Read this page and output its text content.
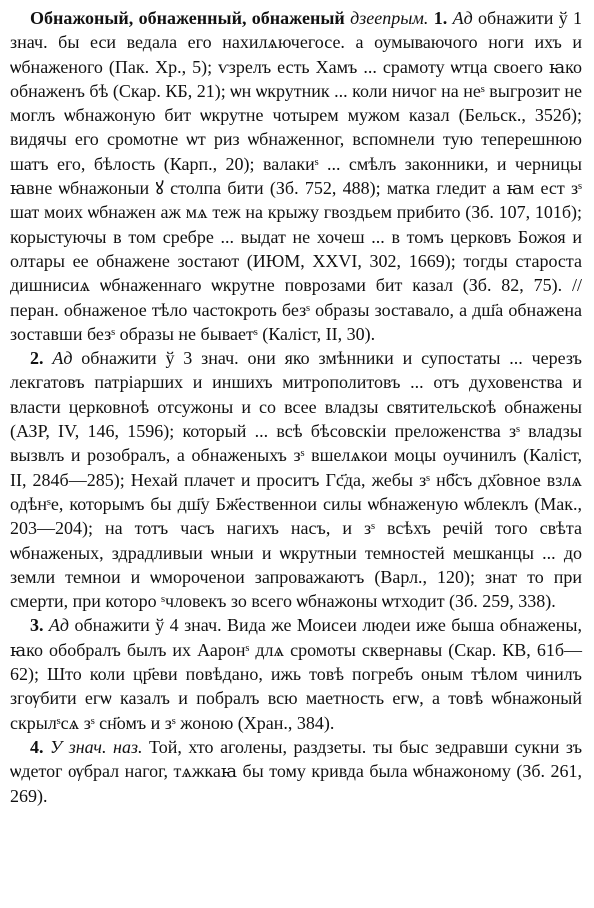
Обнажоный, обнаженный, обнаженый дзеепрым. 1. Ад обнажити ў 1 знач. бы еси ведала его нахилѧючегосе. а оумываючого ноги ихъ и ѡбнаженого (Пак. Хр., 5); ѵзрелъ есть Хамъ ... срамоту ѡтца своего ꙗко обнаженъ бѣ (Скар. КБ, 21); ѡн ѡкрутник ... коли ничог на неˢ выгрозит не моглъ ѡбнажоную бит ѡкрутне чотырем мужом казал (Бельск., 352б); видячы его сромотне ѡт риз ѡбнаженног, вспомнели тую теперешнюю шатъ его, бѣлость (Карп., 20); валакиˢ ... смѣлъ законники, и черницы ꙗвне ѡбнажоныи ꙋ столпа бити (Зб. 752, 488); матка гледит а ꙗм ест зˢ шат моих ѡбнажен аж мѧ теж на крыжу гвоздьем прибито (Зб. 107, 101б); корыстуючы в том сребре ... выдат не хочеш ... в томъ церковъ Божоя и олтары ее обнажене зостают (ИЮМ, XXVI, 302, 1669); тогды староста дишнисиѧ ѡбнаженнаго ѡкрутне поврозами бит казал (Зб. 82, 75). // перан. обнаженое тѣло частокроть безˢ образы зоставало, а дш҃а обнажена зоставши безˢ образы не бываетˢ (Каліст, II, 30).

2. Ад обнажити ў 3 знач. они яко змѣнники и супостаты ... черезъ лекгатовъ патріарших и иншихъ митрополитовъ ... отъ духовенства и власти церковноѣ отсужоны и со всее владзы святительскоѣ обнажены (АЗР, IV, 146, 1596); который ... всѣ бѣсовскіи преложенства зˢ владзы вызвлъ и розобралъ, а обнаженыхъ зˢ вшелѧкои моцы оучинилъ (Каліст, II, 284б—285); Нехай плачет и проситъ Гс҃да, жебы зˢ нб҃съ дх҃овное взлѧ одѣнˢе, которымъ бы дш҃у Бж҃ественнои силы ѡбнаженую ѡблеклъ (Мак., 203—204); на тотъ часъ нагихъ насъ, и зˢ всѣхъ речій того свѣта ѡбнаженых, здрадливыи ѡныи и ѡкрутныи темностей мешканцы ... до земли темнои и ѡмороченои запроважаютъ (Варл., 120); знат то при смерти, при которо ˢчловекъ зо всего ѡбнажоны ѡтходит (Зб. 259, 338).

3. Ад обнажити ў 4 знач. Вида же Моисеи людеи иже быша обнажены, ꙗко обобралъ былъ их Ааронˢ длѧ сромоты сквернавы (Скар. КВ, 61б—62); Што коли цр҃еви повѣдано, ижь товѣ погребъ оным тѣлом чинилъ згѹбити егѡ казалъ и побралъ всю маетность егѡ, а товѣ ѡбнажоный скрылˢсѧ зˢ сн҃омъ и зˢ жоною (Хран., 384).

4. У знач. наз. Той, хто аголены, раздзеты. ты быс зедравши сукни зъ ѡдетог ѹбрал нагог, тѧжкаꙗ бы тому кривда была ѡбнажоному (Зб. 261, 269).
